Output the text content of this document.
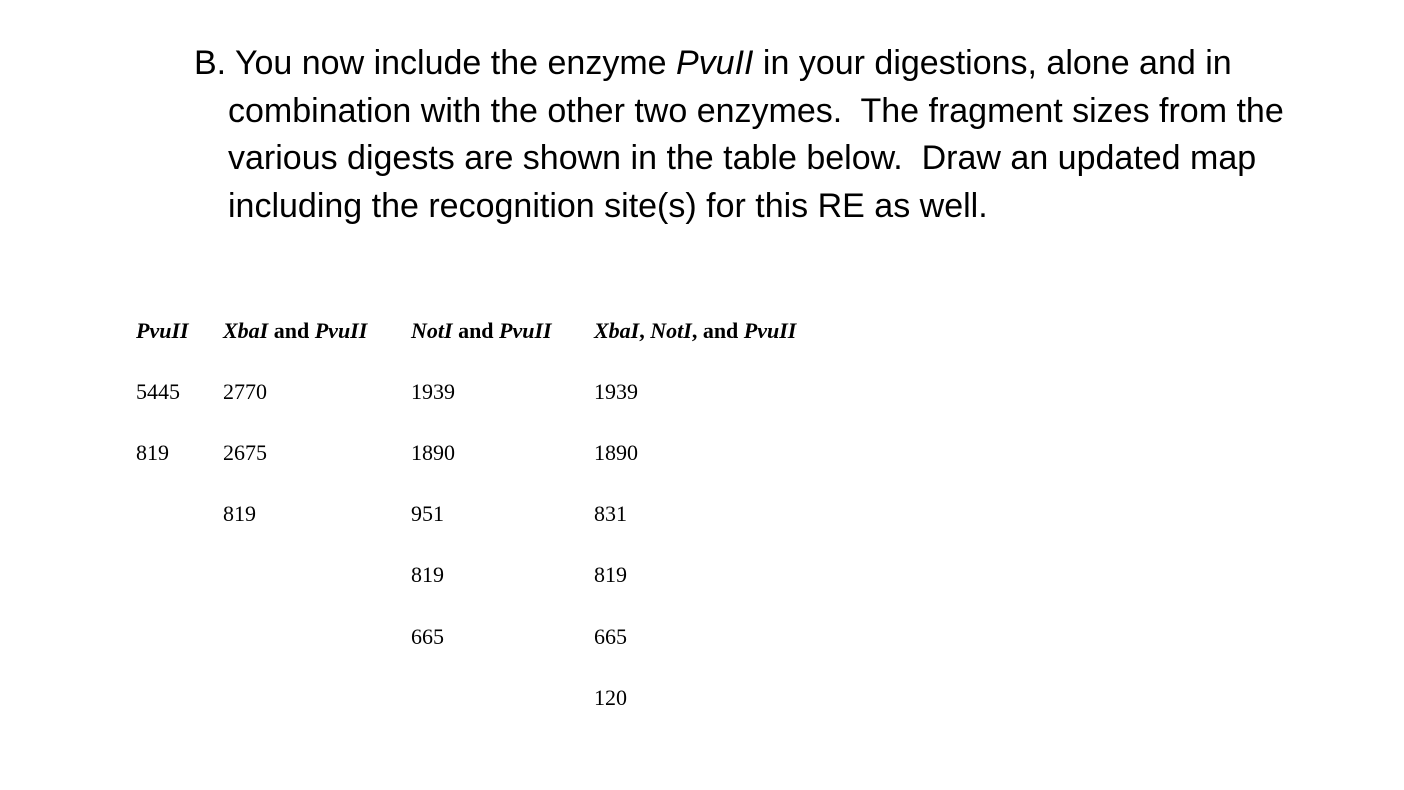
B. You now include the enzyme PvuII in your digestions, alone and in combination with the other two enzymes.  The fragment sizes from the various digests are shown in the table below.  Draw an updated map including the recognition site(s) for this RE as well.

PvuII	XbaI and PvuII	NotI and PvuII	XbaI, NotI, and PvuII
5445	2770	1939	1939
819	2675	1890	1890
	819	951	831
		819	819
		665	665
			120
